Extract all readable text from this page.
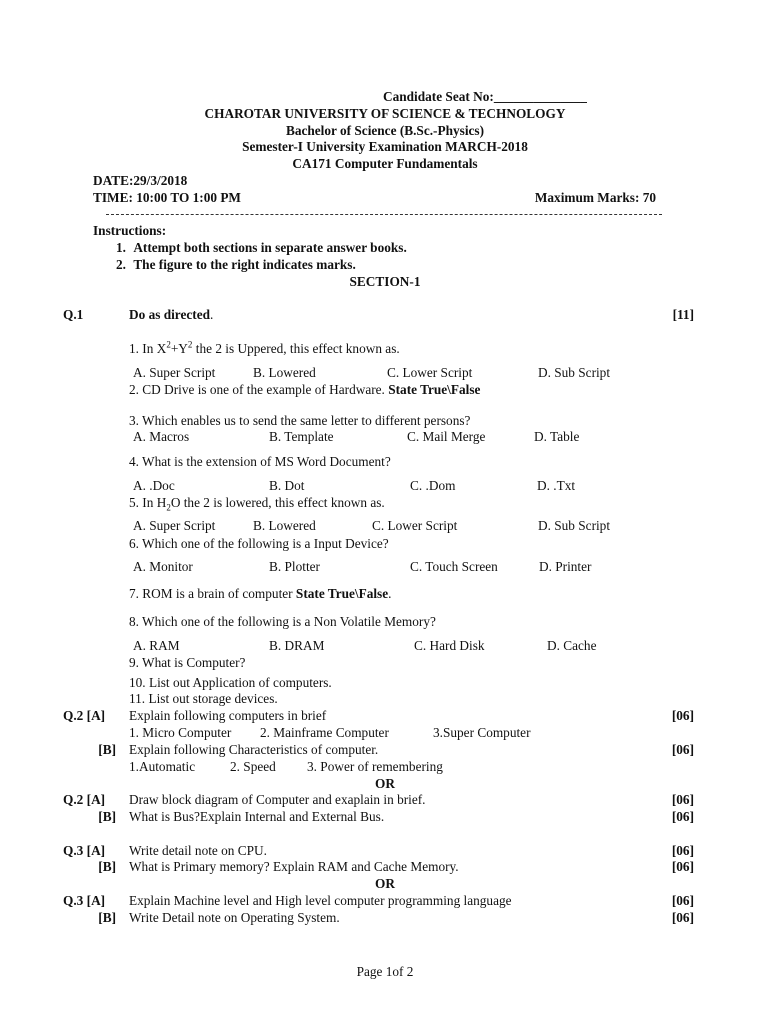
Candidate Seat No:______________
CHAROTAR UNIVERSITY OF SCIENCE & TECHNOLOGY
Bachelor of Science (B.Sc.-Physics)
Semester-I University Examination MARCH-2018
CA171 Computer Fundamentals
DATE:29/3/2018
TIME: 10:00 TO 1:00 PM	Maximum Marks: 70
Instructions:
1. Attempt both sections in separate answer books.
2. The figure to the right indicates marks.
SECTION-1
Q.1	Do as directed.	[11]
1. In $X^2+Y^2$ the 2 is Uppered, this effect known as.
A. Super Script	B. Lowered	C. Lower Script	D. Sub Script
2. CD Drive is one of the example of Hardware. State True\False
3. Which enables us to send the same letter to different persons?
A. Macros	B. Template	C. Mail Merge	D. Table
4. What is the extension of MS Word Document?
A. .Doc	B. Dot	C. .Dom	D. .Txt
5. In $H_2O$ the 2 is lowered, this effect known as.
A. Super Script	B. Lowered	C. Lower Script	D. Sub Script
6. Which one of the following is a Input Device?
A. Monitor	B. Plotter	C. Touch Screen	D. Printer
7. ROM is a brain of computer State True\False.
8. Which one of the following is a Non Volatile Memory?
A. RAM	B. DRAM	C. Hard Disk	D. Cache
9. What is Computer?
10. List out Application of computers.
11. List out storage devices.
Q.2 [A] Explain following computers in brief	[06]
1. Micro Computer 2. Mainframe Computer	3.Super Computer
[B] Explain following Characteristics of computer.	[06]
1.Automatic	2. Speed 3. Power of remembering
OR
Q.2 [A] Draw block diagram of Computer and exaplain in brief.	[06]
[B] What is Bus?Explain Internal and External Bus.	[06]
Q.3 [A] Write detail note on CPU.	[06]
[B] What is Primary memory? Explain RAM and Cache Memory.	[06]
OR
Q.3 [A] Explain Machine level and High level computer programming language	[06]
[B] Write Detail note on Operating System.	[06]
Page 1of 2
